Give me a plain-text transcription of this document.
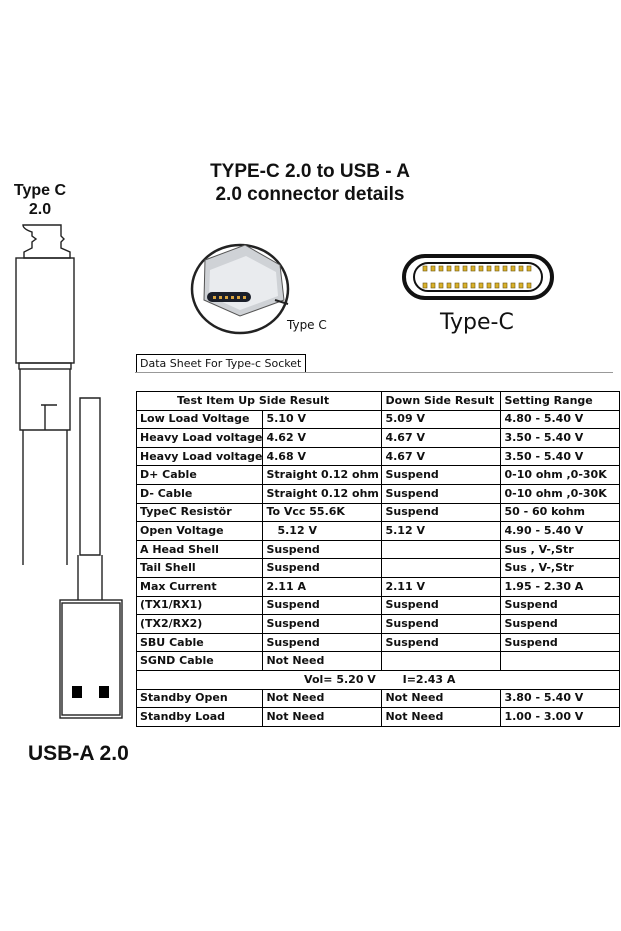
TYPE-C 2.0 to USB - A
2.0 connector details
Type C
2.0
USB-A 2.0
Type C	Type-C
Data Sheet For Type-c Socket
Test Item Up Side Result		Down Side Result	Setting Range
Low Load Voltage	5.10 V	5.09 V	4.80 - 5.40 V
Heavy Load voltage	4.62 V	4.67 V	3.50 - 5.40 V
Heavy Load voltage	4.68 V	4.67 V	3.50 - 5.40 V
D+ Cable	Straight 0.12 ohm	Suspend	0-10 ohm ,0-30K
D- Cable	Straight 0.12 ohm	Suspend	0-10 ohm ,0-30K
TypeC Resistör	To Vcc 55.6K	Suspend	50 - 60 kohm
Open Voltage	5.12 V	5.12 V	4.90 - 5.40 V
A Head Shell	Suspend		Sus , V-,Str
Tail Shell	Suspend		Sus , V-,Str
Max Current	2.11 A	2.11 V	1.95 - 2.30 A
(TX1/RX1)	Suspend	Suspend	Suspend
(TX2/RX2)	Suspend	Suspend	Suspend
SBU Cable	Suspend	Suspend	Suspend
SGND Cable	Not Need		
Vol= 5.20 V       I=2.43 A			
Standby Open	Not Need	Not Need	3.80 - 5.40 V
Standby Load	Not Need	Not Need	1.00 - 3.00 V
